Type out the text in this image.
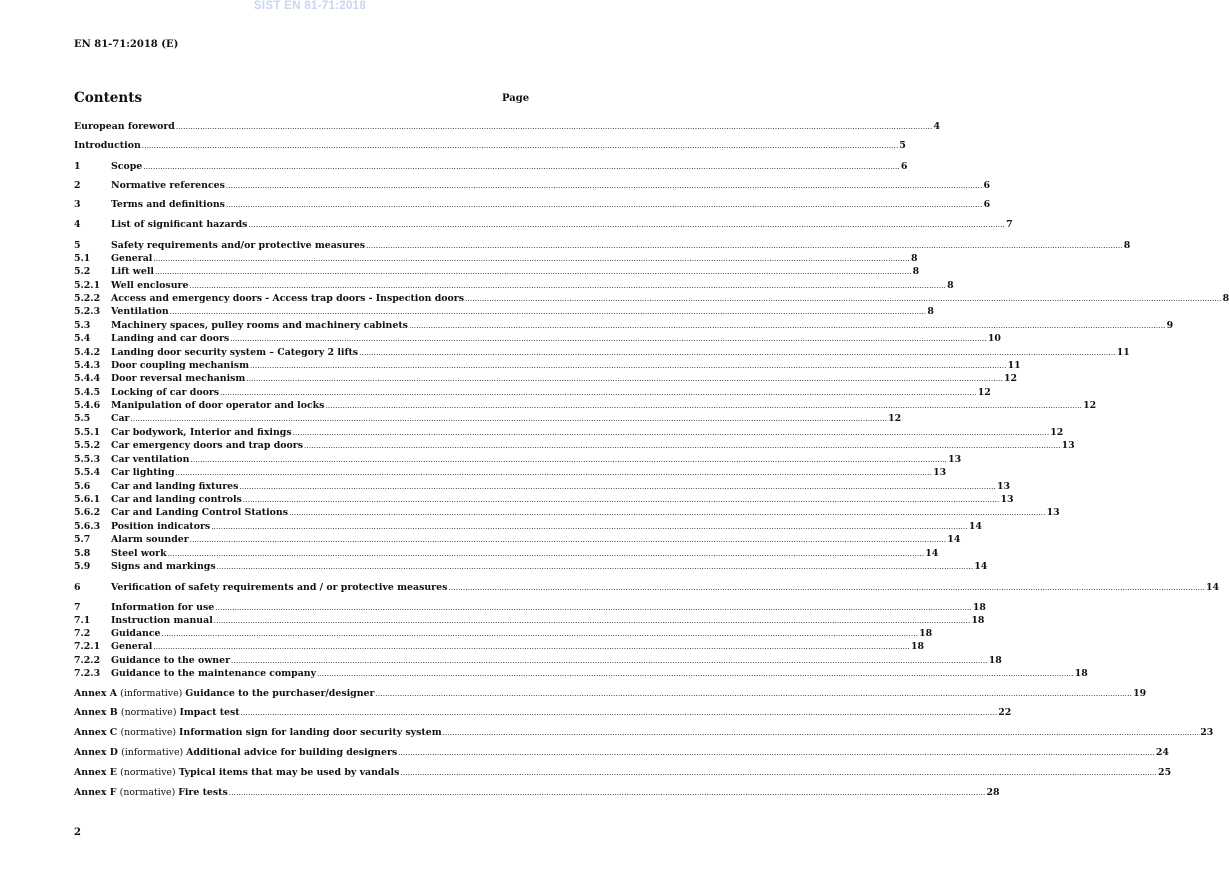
SIST EN 81-71:2018
EN 81-71:2018 (E)
Contents	Page
European foreword .....	4
Introduction .....	5
1	Scope .....	6
2	Normative references .....	6
3	Terms and definitions .....	6
4	List of significant hazards .....	7
5	Safety requirements and/or protective measures .....	8
5.1	General .....	8
5.2	Lift well .....	8
5.2.1	Well enclosure .....	8
5.2.2	Access and emergency doors - Access trap doors - Inspection doors .....	8
5.2.3	Ventilation .....	8
5.3	Machinery spaces, pulley rooms and machinery cabinets .....	9
5.4	Landing and car doors .....	10
5.4.2	Landing door security system – Category 2 lifts .....	11
5.4.3	Door coupling mechanism .....	11
5.4.4	Door reversal mechanism .....	12
5.4.5	Locking of car doors .....	12
5.4.6	Manipulation of door operator and locks .....	12
5.5	Car .....	12
5.5.1	Car bodywork, Interior and fixings .....	12
5.5.2	Car emergency doors and trap doors .....	13
5.5.3	Car ventilation .....	13
5.5.4	Car lighting .....	13
5.6	Car and landing fixtures .....	13
5.6.1	Car and landing controls .....	13
5.6.2	Car and Landing Control Stations .....	13
5.6.3	Position indicators .....	14
5.7	Alarm sounder .....	14
5.8	Steel work .....	14
5.9	Signs and markings .....	14
6	Verification of safety requirements and / or protective measures .....	14
7	Information for use .....	18
7.1	Instruction manual .....	18
7.2	Guidance .....	18
7.2.1	General .....	18
7.2.2	Guidance to the owner .....	18
7.2.3	Guidance to the maintenance company .....	18
Annex A (informative) Guidance to the purchaser/designer .....	19
Annex B (normative) Impact test .....	22
Annex C (normative) Information sign for landing door security system .....	23
Annex D (informative) Additional advice for building designers .....	24
Annex E (normative) Typical items that may be used by vandals .....	25
Annex F (normative) Fire tests .....	28
2
